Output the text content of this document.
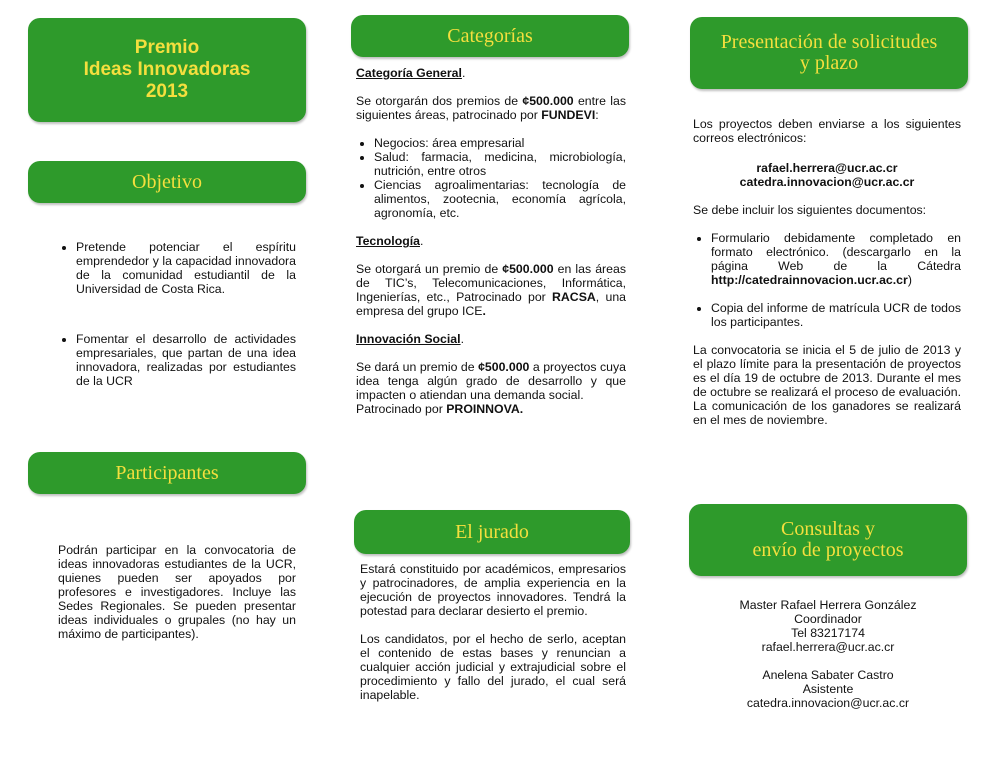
Premio
Ideas Innovadoras
2013
Objetivo
• Pretende potenciar el espíritu emprendedor y la capacidad innovadora de la comunidad estudiantil de la Universidad de Costa Rica.
• Fomentar el desarrollo de actividades empresariales, que partan de una idea innovadora, realizadas por estudiantes de la UCR
Participantes
Podrán participar en la convocatoria de ideas innovadoras estudiantes de la UCR, quienes pueden ser apoyados por profesores e investigadores. Incluye las Sedes Regionales. Se pueden presentar ideas individuales o grupales (no hay un máximo de participantes).
Categorías

Categoría General.

Se otorgarán dos premios de ¢500.000 entre las siguientes áreas, patrocinado por FUNDEVI:

• Negocios: área empresarial
• Salud: farmacia, medicina, microbiología, nutrición, entre otros
• Ciencias agroalimentarias: tecnología de alimentos, zootecnia, economía agrícola, agronomía, etc.

Tecnología.

Se otorgará un premio de ¢500.000 en las áreas de TIC’s, Telecomunicaciones, Informática, Ingenierías, etc., Patrocinado por RACSA, una empresa del grupo ICE.

Innovación Social.

Se dará un premio de ¢500.000 a proyectos cuya idea tenga algún grado de desarrollo y que impacten o atiendan una demanda social.

Patrocinado por PROINNOVA.

El jurado

Estará constituido por académicos, empresarios y patrocinadores, de amplia experiencia en la ejecución de proyectos innovadores. Tendrá la potestad para declarar desierto el premio.

Los candidatos, por el hecho de serlo, aceptan el contenido de estas bases y renuncian a cualquier acción judicial y extrajudicial sobre el procedimiento y fallo del jurado, el cual será inapelable.

Presentación de solicitudes
y plazo

Los proyectos deben enviarse a los siguientes correos electrónicos:

rafael.herrera@ucr.ac.cr

catedra.innovacion@ucr.ac.cr

Se debe incluir los siguientes documentos:

• Formulario debidamente completado en formato electrónico. (descargarlo en la página Web de la Cátedra http://catedrainnovacion.ucr.ac.cr)
• Copia del informe de matrícula UCR de todos los participantes.

La convocatoria se inicia el 5 de julio de 2013 y el plazo límite para la presentación de proyectos es el día 19 de octubre de 2013. Durante el mes de octubre se realizará el proceso de evaluación. La comunicación de los ganadores se realizará en el mes de noviembre.

Consultas y
envío de proyectos

Master Rafael Herrera González

Coordinador

Tel 83217174

rafael.herrera@ucr.ac.cr

Anelena Sabater Castro

Asistente

catedra.innovacion@ucr.ac.cr
